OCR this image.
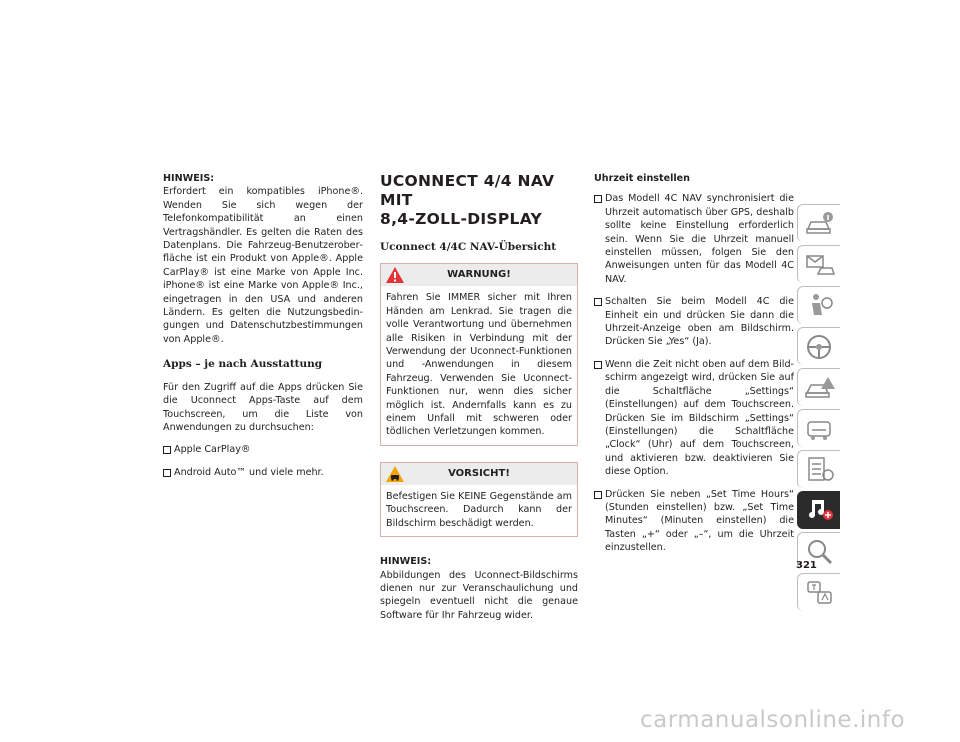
HINWEIS:
Erfordert ein kompatibles iPhone®. Wenden Sie sich wegen der Telefonkompatibilität an einen Vertragshändler. Es gelten die Raten des Datenplans. Die Fahrzeug-Benutzeroberfläche ist ein Produkt von Apple®. Apple CarPlay® ist eine Marke von Apple Inc. iPhone® ist eine Marke von Apple® Inc., eingetragen in den USA und anderen Ländern. Es gelten die Nutzungsbedingungen und Datenschutzbestimmungen von Apple®.
Apps – je nach Ausstattung
Für den Zugriff auf die Apps drücken Sie die Uconnect Apps-Taste auf dem Touchscreen, um die Liste von Anwendungen zu durchsuchen:
Apple CarPlay®
Android Auto™ und viele mehr.
UCONNECT 4/4 NAV MIT
8,4-ZOLL-DISPLAY
Uconnect 4/4C NAV-Übersicht
WARNUNG!
Fahren Sie IMMER sicher mit Ihren Händen am Lenkrad. Sie tragen die volle Verantwortung und übernehmen alle Risiken in Verbindung mit der Verwendung der Uconnect-Funktionen und -Anwendungen in diesem Fahrzeug. Verwenden Sie Uconnect-Funktionen nur, wenn dies sicher möglich ist. Andernfalls kann es zu einem Unfall mit schweren oder tödlichen Verletzungen kommen.
VORSICHT!
Befestigen Sie KEINE Gegenstände am Touchscreen. Dadurch kann der Bildschirm beschädigt werden.
HINWEIS:
Abbildungen des Uconnect-Bildschirms dienen nur zur Veranschaulichung und spiegeln eventuell nicht die genaue Software für Ihr Fahrzeug wider.
Uhrzeit einstellen
Das Modell 4C NAV synchronisiert die Uhrzeit automatisch über GPS, deshalb sollte keine Einstellung erforderlich sein. Wenn Sie die Uhrzeit manuell einstellen müssen, folgen Sie den Anweisungen unten für das Modell 4C NAV.
Schalten Sie beim Modell 4C die Einheit ein und drücken Sie dann die Uhrzeit-Anzeige oben am Bildschirm. Drücken Sie „Yes“ (Ja).
Wenn die Zeit nicht oben auf dem Bildschirm angezeigt wird, drücken Sie auf die Schaltfläche „Settings“ (Einstellungen) auf dem Touchscreen. Drücken Sie im Bildschirm „Settings“ (Einstellungen) die Schaltfläche „Clock“ (Uhr) auf dem Touchscreen, und aktivieren bzw. deaktivieren Sie diese Option.
Drücken Sie neben „Set Time Hours“ (Stunden einstellen) bzw. „Set Time Minutes“ (Minuten einstellen) die Tasten „+“ oder „–“, um die Uhrzeit einzustellen.
321
carmanualsonline.info
